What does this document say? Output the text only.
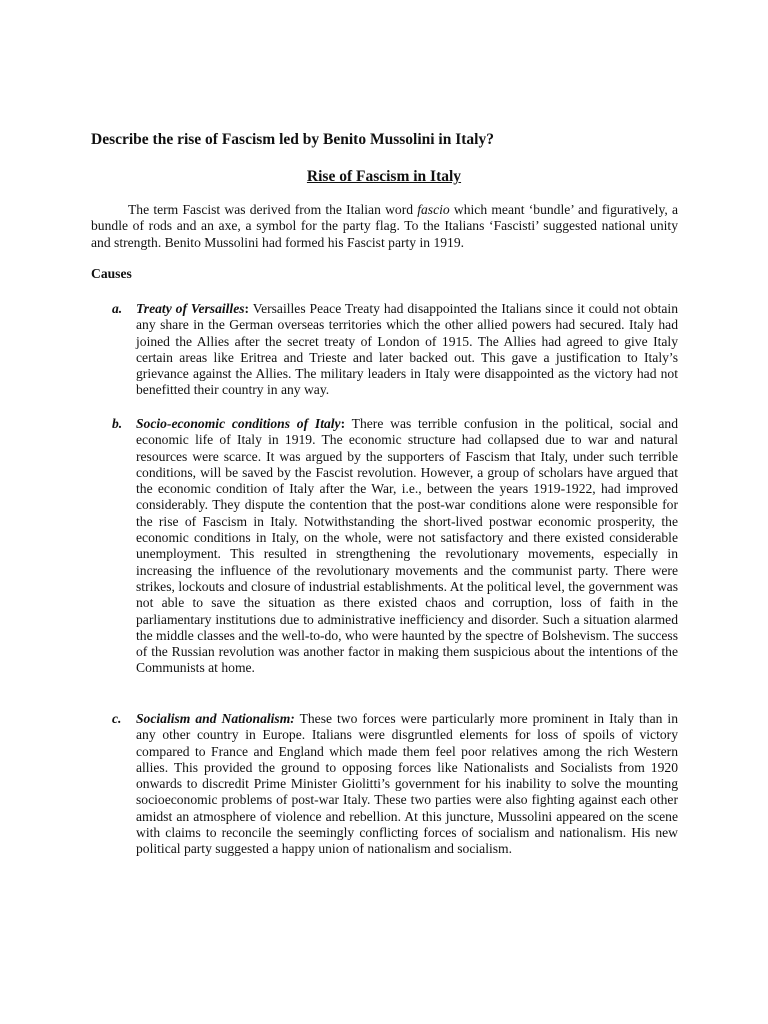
Describe the rise of Fascism led by Benito Mussolini in Italy?
Rise of Fascism in Italy

The term Fascist was derived from the Italian word fascio which meant ‘bundle’ and figuratively, a bundle of rods and an axe, a symbol for the party flag. To the Italians ‘Fascisti’ suggested national unity and strength. Benito Mussolini had formed his Fascist party in 1919.

Causes
a. Treaty of Versailles: Versailles Peace Treaty had disappointed the Italians since it could not obtain any share in the German overseas territories which the other allied powers had secured. Italy had joined the Allies after the secret treaty of London of 1915. The Allies had agreed to give Italy certain areas like Eritrea and Trieste and later backed out. This gave a justification to Italy’s grievance against the Allies. The military leaders in Italy were disappointed as the victory had not benefitted their country in any way.

b. Socio-economic conditions of Italy: There was terrible confusion in the political, social and economic life of Italy in 1919. The economic structure had collapsed due to war and natural resources were scarce. It was argued by the supporters of Fascism that Italy, under such terrible conditions, will be saved by the Fascist revolution. However, a group of scholars have argued that the economic condition of Italy after the War, i.e., between the years 1919-1922, had improved considerably. They dispute the contention that the post-war conditions alone were responsible for the rise of Fascism in Italy. Notwithstanding the short-lived postwar economic prosperity, the economic conditions in Italy, on the whole, were not satisfactory and there existed considerable unemployment. This resulted in strengthening the revolutionary movements, especially in increasing the influence of the revolutionary movements and the communist party. There were strikes, lockouts and closure of industrial establishments. At the political level, the government was not able to save the situation as there existed chaos and corruption, loss of faith in the parliamentary institutions due to administrative inefficiency and disorder. Such a situation alarmed the middle classes and the well-to-do, who were haunted by the spectre of Bolshevism. The success of the Russian revolution was another factor in making them suspicious about the intentions of the Communists at home.

c. Socialism and Nationalism: These two forces were particularly more prominent in Italy than in any other country in Europe. Italians were disgruntled elements for loss of spoils of victory compared to France and England which made them feel poor relatives among the rich Western allies. This provided the ground to opposing forces like Nationalists and Socialists from 1920 onwards to discredit Prime Minister Giolitti’s government for his inability to solve the mounting socioeconomic problems of post-war Italy. These two parties were also fighting against each other amidst an atmosphere of violence and rebellion. At this juncture, Mussolini appeared on the scene with claims to reconcile the seemingly conflicting forces of socialism and nationalism. His new political party suggested a happy union of nationalism and socialism.
